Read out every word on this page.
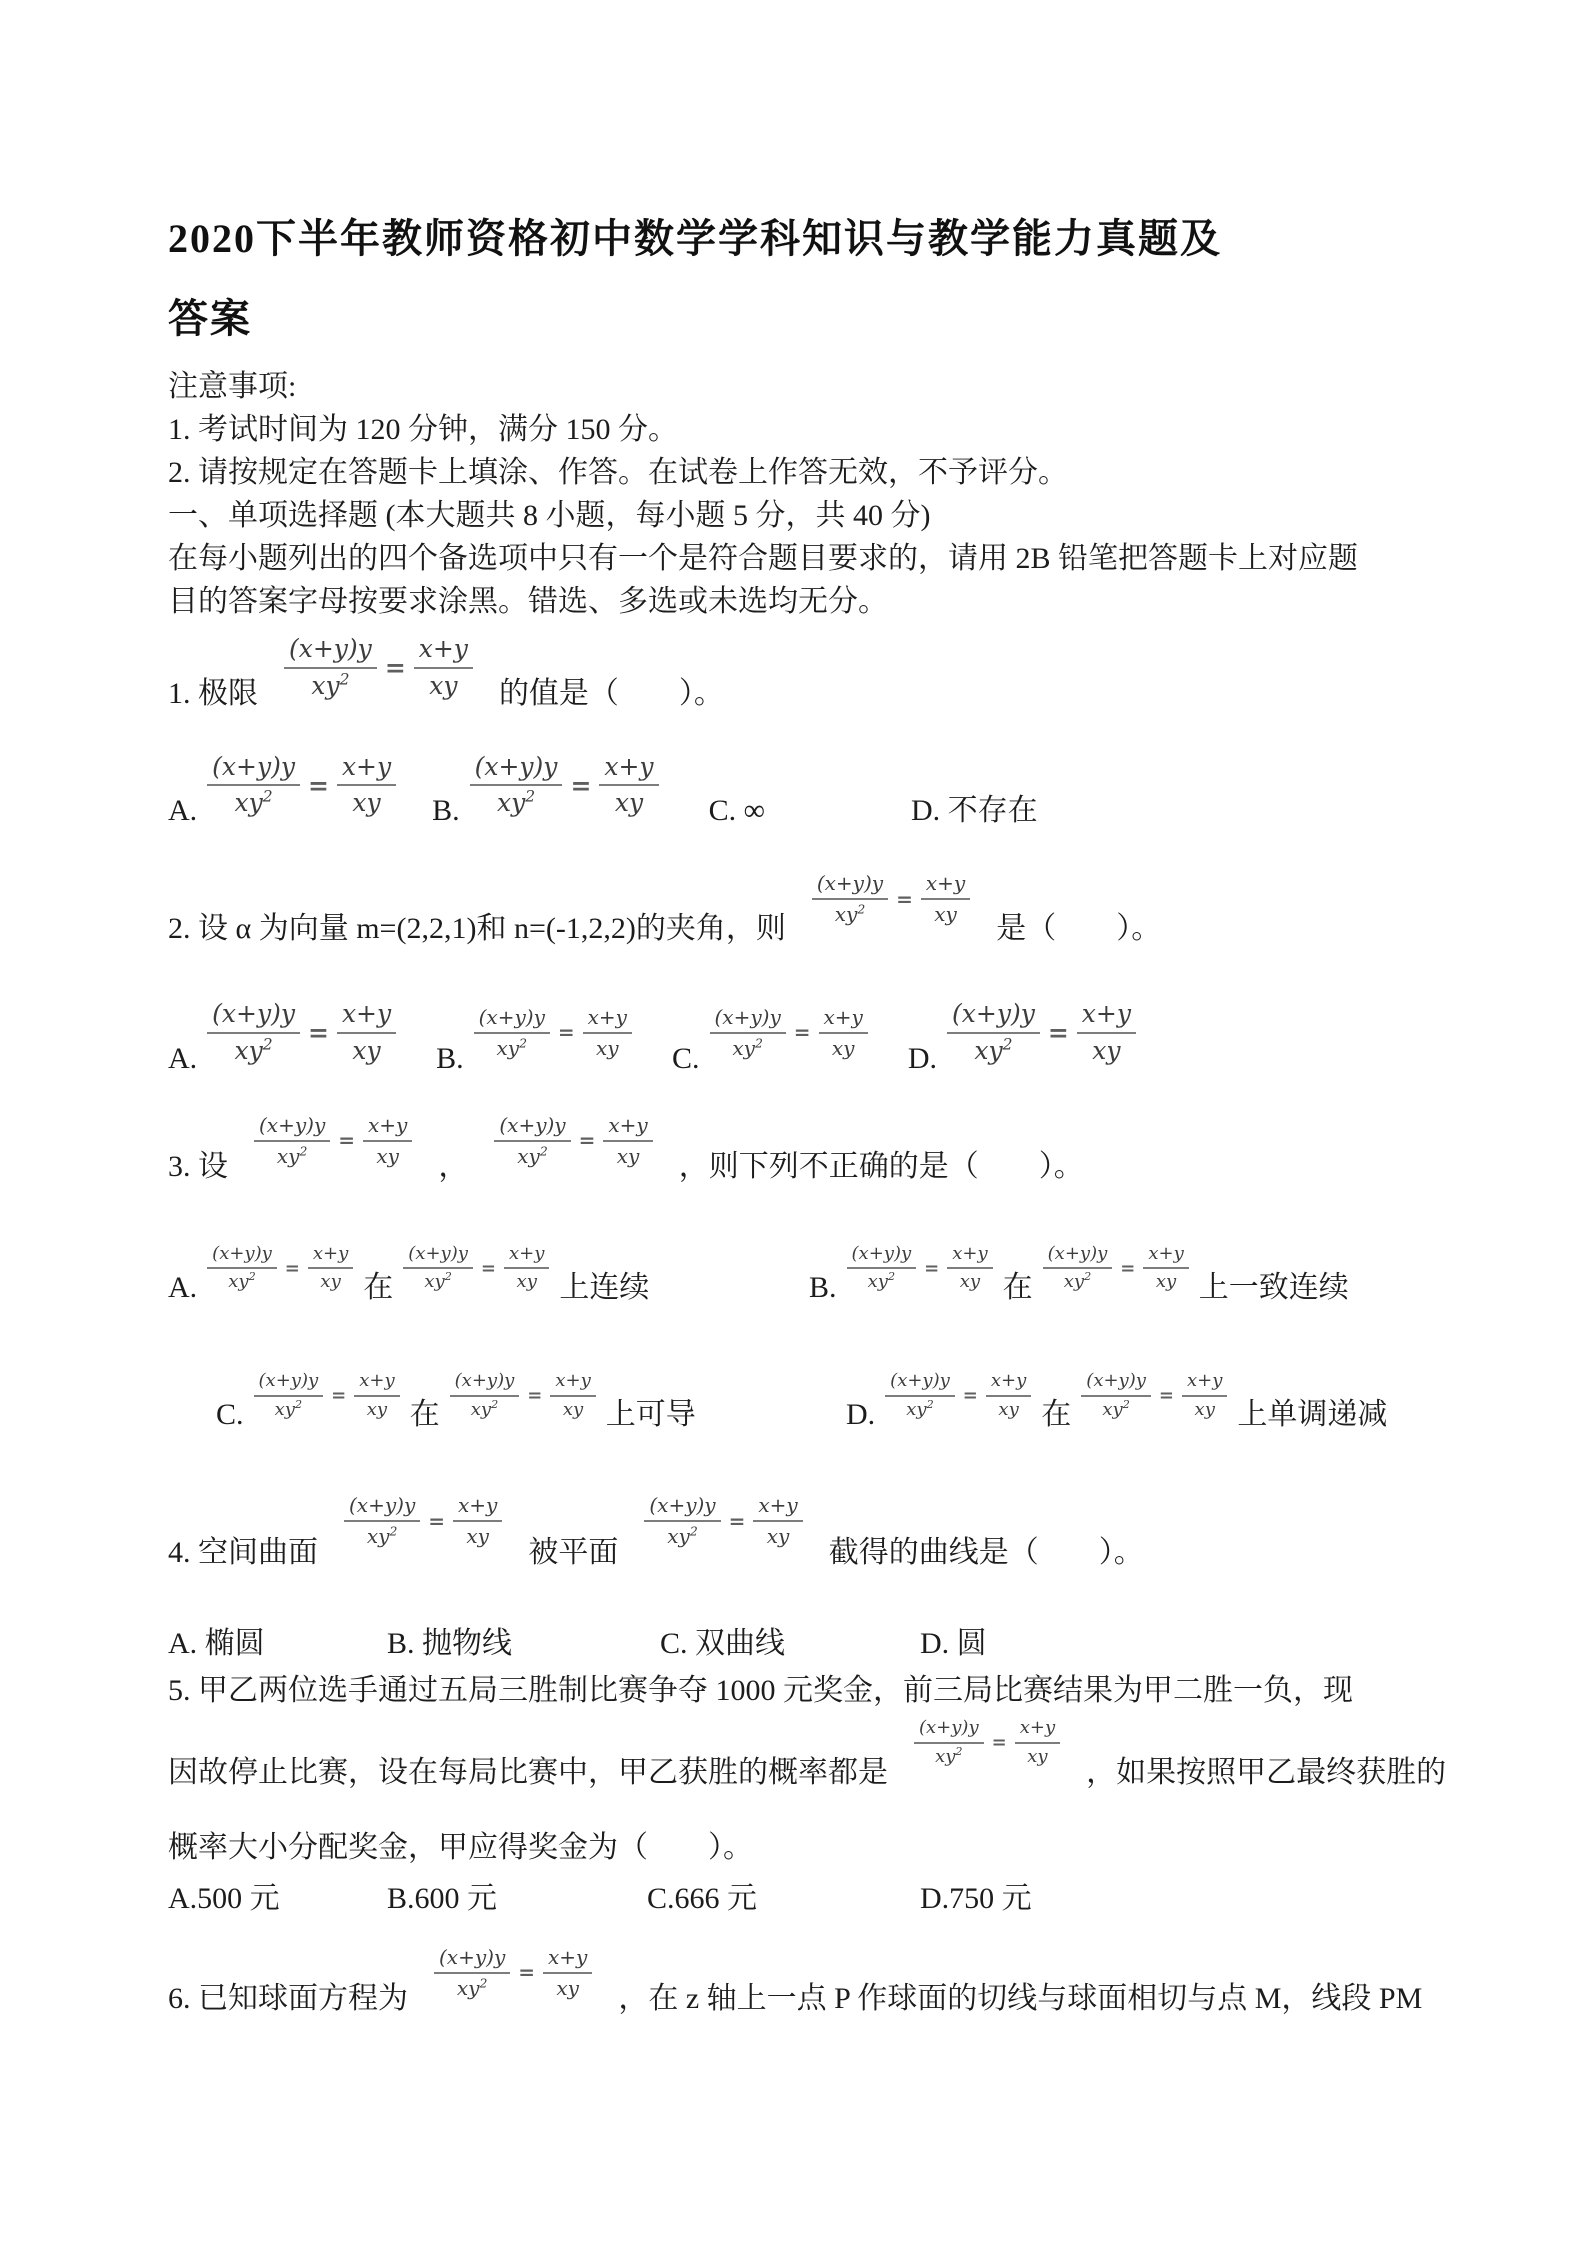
2020下半年教师资格初中数学学科知识与教学能力真题及
答案

注意事项:

1. 考试时间为 120 分钟，满分 150 分。

2. 请按规定在答题卡上填涂、作答。在试卷上作答无效，不予评分。

一、单项选择题 (本大题共 8 小题，每小题 5 分，共 40 分)

在每小题列出的四个备选项中只有一个是符合题目要求的，请用 2B 铅笔把答题卡上对应题

目的答案字母按要求涂黑。错选、多选或未选均无分。

1. 极限 $\frac{(x+y)y}{xy^2} = \frac{x+y}{xy}$ 的值是（　　）。
A. $\frac{(x+y)y}{xy^2} = \frac{x+y}{xy} B$. $\frac{(x+y)y}{xy^2} = \frac{x+y}{xy} C$. ∞	D. 不存在
2. 设 α 为向量 m=(2,2,1)和 n=(-1,2,2)的夹角，则
$\frac{(x+y)y}{xy^2} = \frac{x+y}{xy}$
是（　　）。
A. $\frac{(x+y)y}{xy^2} = \frac{x+y}{xy} B$. $\frac{(x+y)y}{xy^2} = \frac{x+y}{xy} C$. $\frac{(x+y)y}{xy^2} = \frac{x+y}{xy} D$. $\frac{(x+y)y}{xy^2} = \frac{x+y}{xy}$
3. 设 $\frac{(x+y)y}{xy^2} = \frac{x+y}{xy}$ ， $\frac{(x+y)y}{xy^2} = \frac{x+y}{xy}$ ，则下列不正确的是（　　）。
A. $\frac{(x+y)y}{xy^2} = \frac{x+y}{xy}$ 在 $\frac{(x+y)y}{xy^2} = \frac{x+y}{xy}$ 上连续	B. $\frac{(x+y)y}{xy^2} = \frac{x+y}{xy}$ 在 $\frac{(x+y)y}{xy^2} = \frac{x+y}{xy}$ 上一致连续
C. $\frac{(x+y)y}{xy^2} = \frac{x+y}{xy}$ 在 $\frac{(x+y)y}{xy^2} = \frac{x+y}{xy}$ 上可导	D. $\frac{(x+y)y}{xy^2} = \frac{x+y}{xy}$ 在 $\frac{(x+y)y}{xy^2} = \frac{x+y}{xy}$ 上单调递减
4. 空间曲面
$\frac{(x+y)y}{xy^2} = \frac{x+y}{xy}$
被平面
$\frac{(x+y)y}{xy^2} = \frac{x+y}{xy}$
截得的曲线是（　　）。
A. 椭圆	B. 抛物线	C. 双曲线	D. 圆

5. 甲乙两位选手通过五局三胜制比赛争夺 1000 元奖金，前三局比赛结果为甲二胜一负，现

因故停止比赛，设在每局比赛中，甲乙获胜的概率都是
$\frac{(x+y)y}{xy^2} = \frac{x+y}{xy}$
，如果按照甲乙最终获胜的

概率大小分配奖金，甲应得奖金为（　　）。

A.500 元	B.600 元	C.666 元	D.750 元
6. 已知球面方程为 $\frac{(x+y)y}{xy^2} = \frac{x+y}{xy}$ ，在 z 轴上一点 P 作球面的切线与球面相切与点 M，线段 PM
